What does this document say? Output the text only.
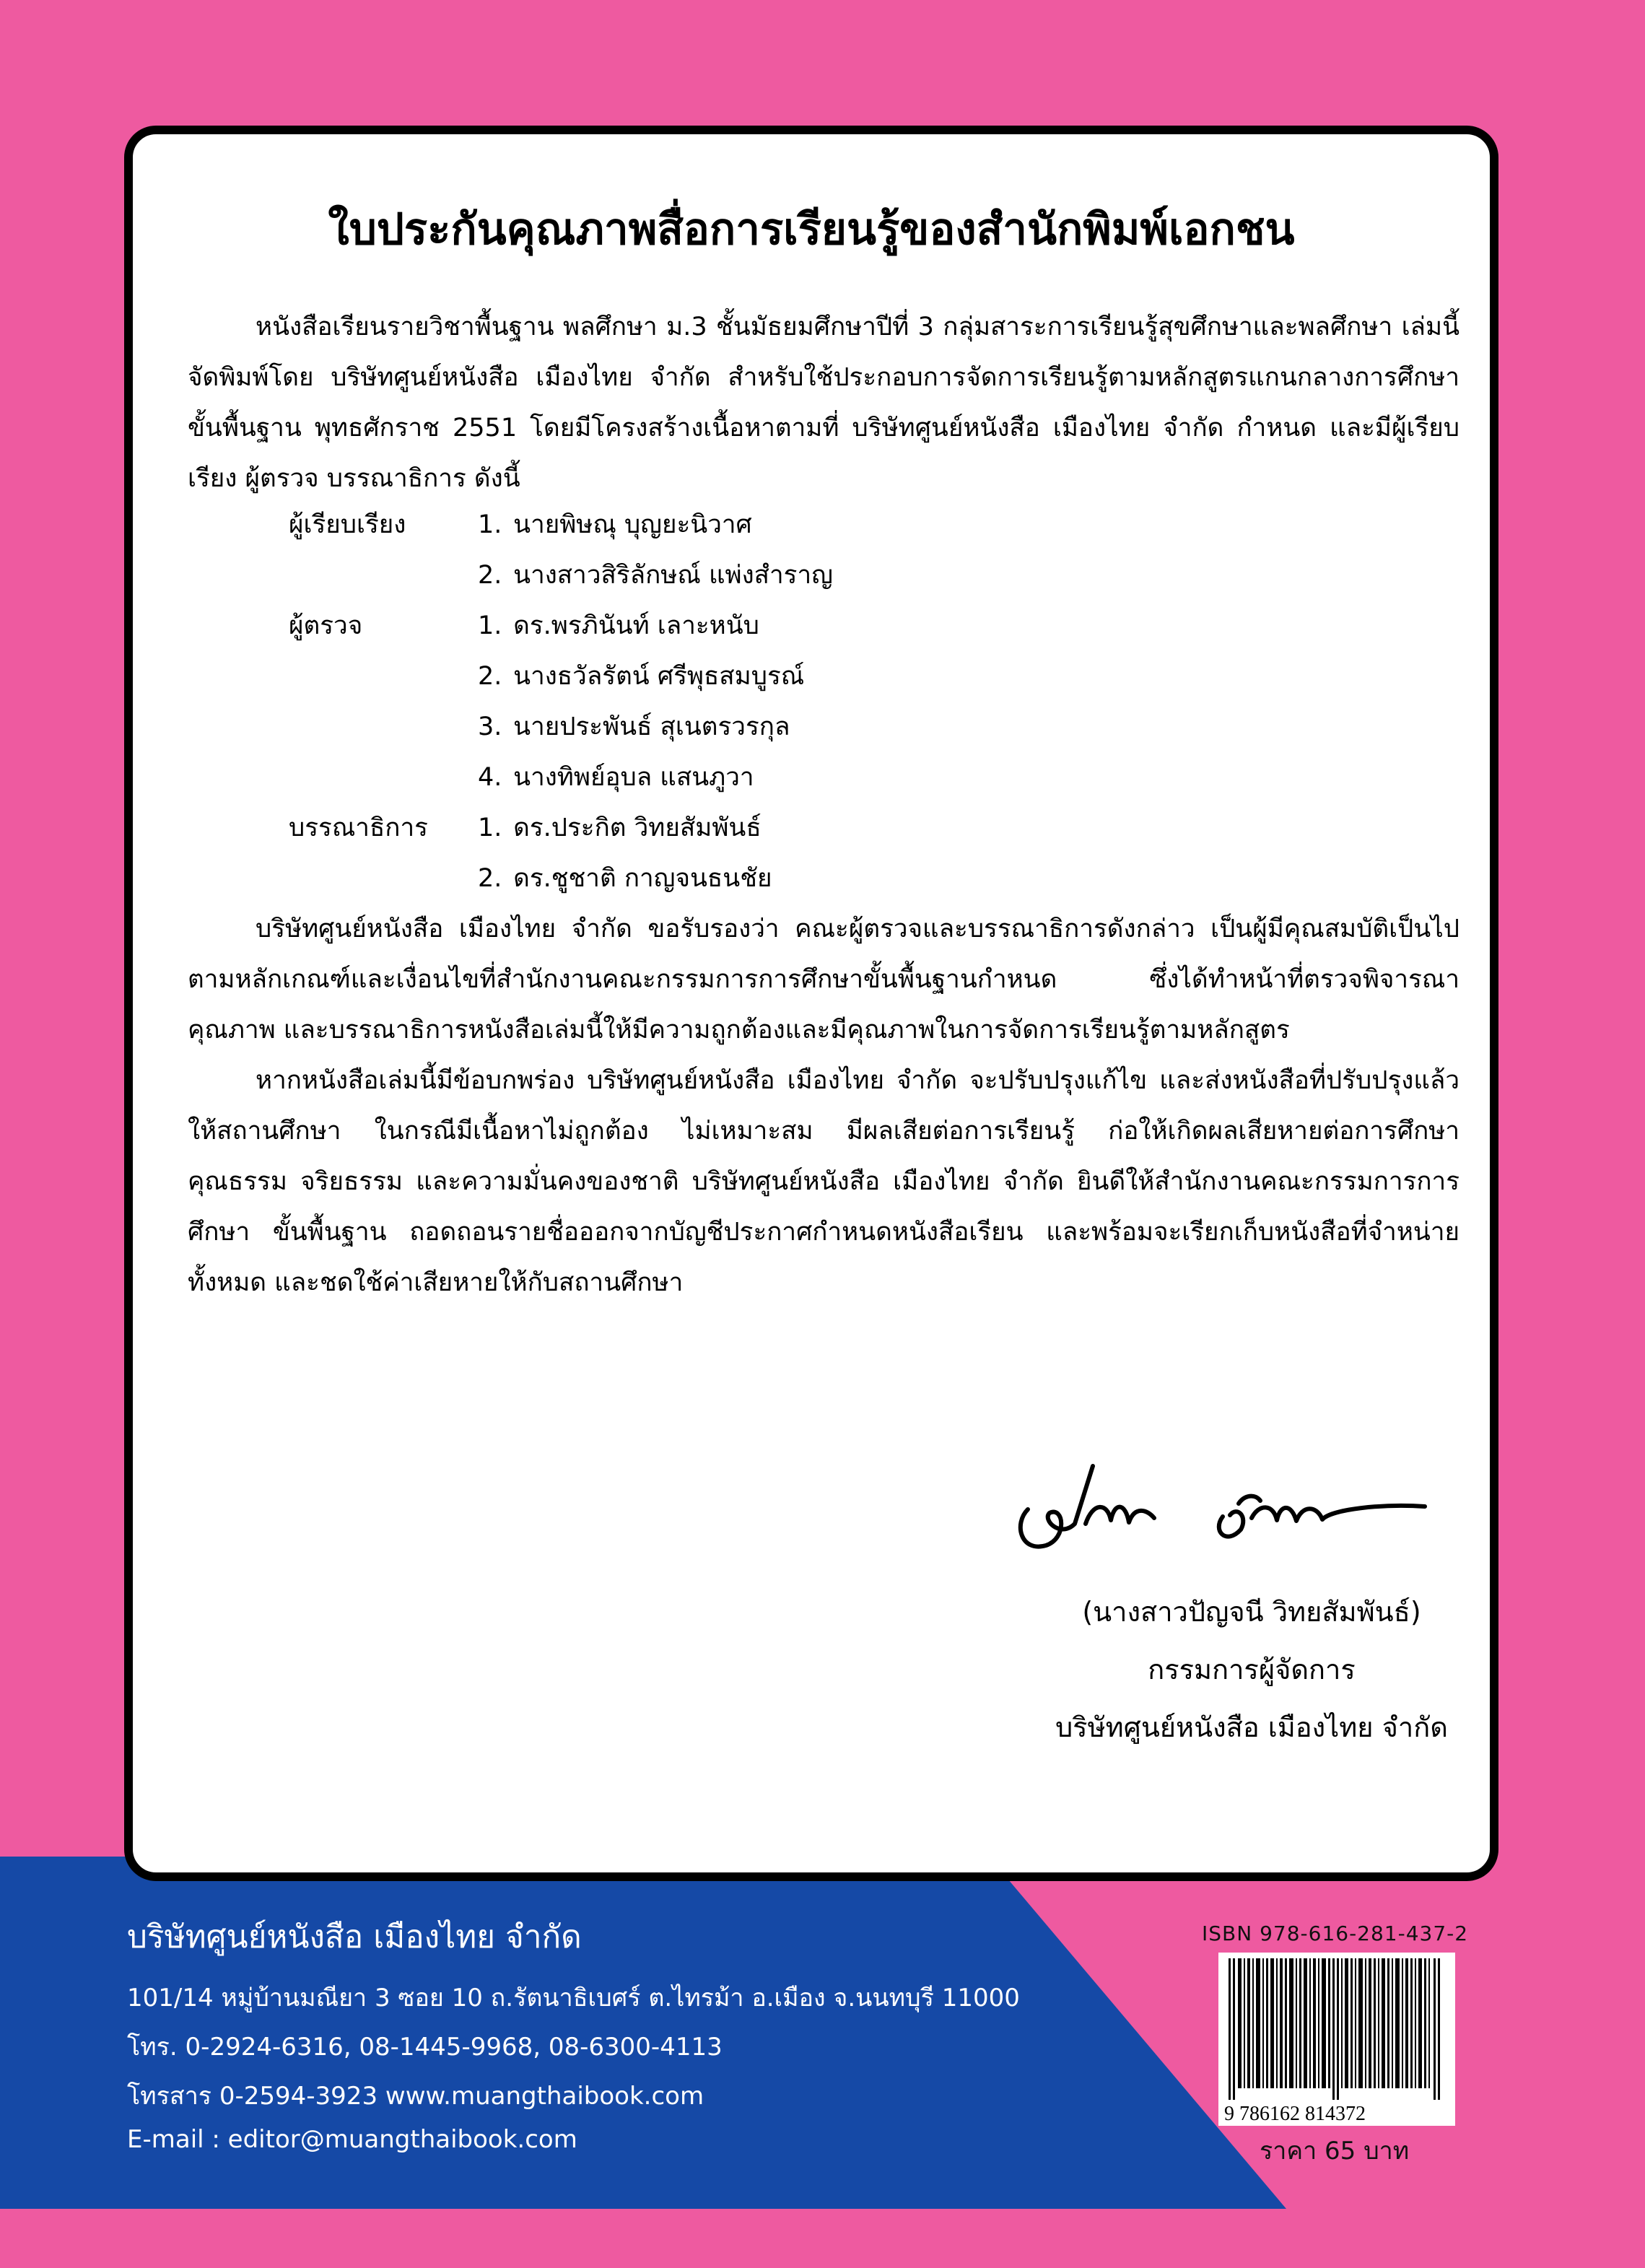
ใบประกันคุณภาพสื่อการเรียนรู้ของสำนักพิมพ์เอกชน

หนังสือเรียนรายวิชาพื้นฐาน พลศึกษา ม.3 ชั้นมัธยมศึกษาปีที่ 3 กลุ่มสาระการเรียนรู้สุขศึกษาและพลศึกษา เล่มนี้ จัดพิมพ์โดย บริษัทศูนย์หนังสือ เมืองไทย จำกัด สำหรับใช้ประกอบการจัดการเรียนรู้ตามหลักสูตรแกนกลางการศึกษา ขั้นพื้นฐาน พุทธศักราช 2551 โดยมีโครงสร้างเนื้อหาตามที่ บริษัทศูนย์หนังสือ เมืองไทย จำกัด กำหนด และมีผู้เรียบเรียง ผู้ตรวจ บรรณาธิการ ดังนี้

ผู้เรียบเรียง	1. นายพิษณุ บุญยะนิวาศ
2. นางสาวสิริลักษณ์ แพ่งสำราญ
ผู้ตรวจ	1. ดร.พรภินันท์ เลาะหนับ
2. นางธวัลรัตน์ ศรีพุธสมบูรณ์
3. นายประพันธ์ สุเนตรวรกุล
4. นางทิพย์อุบล แสนภูวา
บรรณาธิการ 1. ดร.ประกิต วิทยสัมพันธ์
2. ดร.ชูชาติ กาญจนธนชัย

บริษัทศูนย์หนังสือ เมืองไทย จำกัด ขอรับรองว่า คณะผู้ตรวจและบรรณาธิการดังกล่าว เป็นผู้มีคุณสมบัติเป็นไป ตามหลักเกณฑ์และเงื่อนไขที่สำนักงานคณะกรรมการการศึกษาขั้นพื้นฐานกำหนด ซึ่งได้ทำหน้าที่ตรวจพิจารณาคุณภาพ และบรรณาธิการหนังสือเล่มนี้ให้มีความถูกต้องและมีคุณภาพในการจัดการเรียนรู้ตามหลักสูตร

หากหนังสือเล่มนี้มีข้อบกพร่อง บริษัทศูนย์หนังสือ เมืองไทย จำกัด จะปรับปรุงแก้ไข และส่งหนังสือที่ปรับปรุงแล้ว ให้สถานศึกษา ในกรณีมีเนื้อหาไม่ถูกต้อง ไม่เหมาะสม มีผลเสียต่อการเรียนรู้ ก่อให้เกิดผลเสียหายต่อการศึกษา คุณธรรม จริยธรรม และความมั่นคงของชาติ บริษัทศูนย์หนังสือ เมืองไทย จำกัด ยินดีให้สำนักงานคณะกรรมการการศึกษา ขั้นพื้นฐาน ถอดถอนรายชื่อออกจากบัญชีประกาศกำหนดหนังสือเรียน และพร้อมจะเรียกเก็บหนังสือที่จำหน่ายทั้งหมด และชดใช้ค่าเสียหายให้กับสถานศึกษา

(นางสาวปัญจนี วิทยสัมพันธ์)
กรรมการผู้จัดการ
บริษัทศูนย์หนังสือ เมืองไทย จำกัด
บริษัทศูนย์หนังสือ เมืองไทย จำกัด
101/14 หมู่บ้านมณียา 3 ซอย 10 ถ.รัตนาธิเบศร์ ต.ไทรม้า อ.เมือง จ.นนทบุรี 11000
โทร. 0-2924-6316, 08-1445-9968, 08-6300-4113
โทรสาร 0-2594-3923 www.muangthaibook.com
E-mail : editor@muangthaibook.com
ISBN 978-616-281-437-2
9 786162 814372
ราคา 65 บาท
